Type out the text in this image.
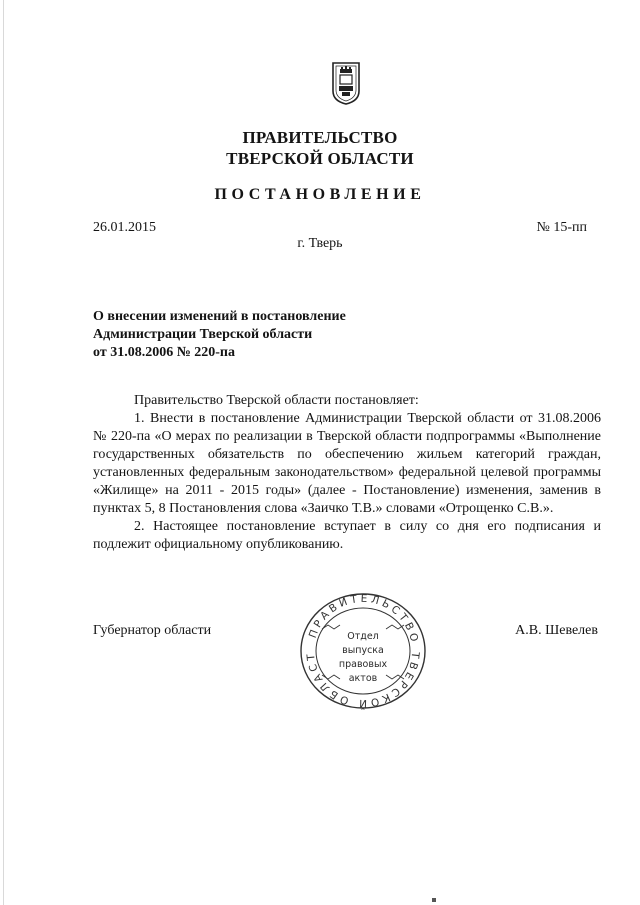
ПРАВИТЕЛЬСТВО
ТВЕРСКОЙ ОБЛАСТИ
ПОСТАНОВЛЕНИЕ
26.01.2015	№ 15-пп
г. Тверь
О внесении изменений в постановление
Администрации Тверской области
от 31.08.2006 № 220-па

Правительство Тверской области постановляет:

1. Внести в постановление Администрации Тверской области от 31.08.2006 № 220-па «О мерах по реализации в Тверской области подпрограммы «Выполнение государственных обязательств по обеспечению жильем категорий граждан, установленных федеральным законодательством» федеральной целевой программы «Жилище» на 2011 - 2015 годы» (далее - Постановление) изменения, заменив в пунктах 5, 8 Постановления слова «Заичко Т.В.» словами «Отрощенко С.В.».

2. Настоящее постановление вступает в силу со дня его подписания и подлежит официальному опубликованию.

Губернатор области	А.В. Шевелев
ПРАВИТЕЛЬСТВО ТВЕРСКОЙ ОБЛАСТ
Отдел
выпуска
правовых
актов
